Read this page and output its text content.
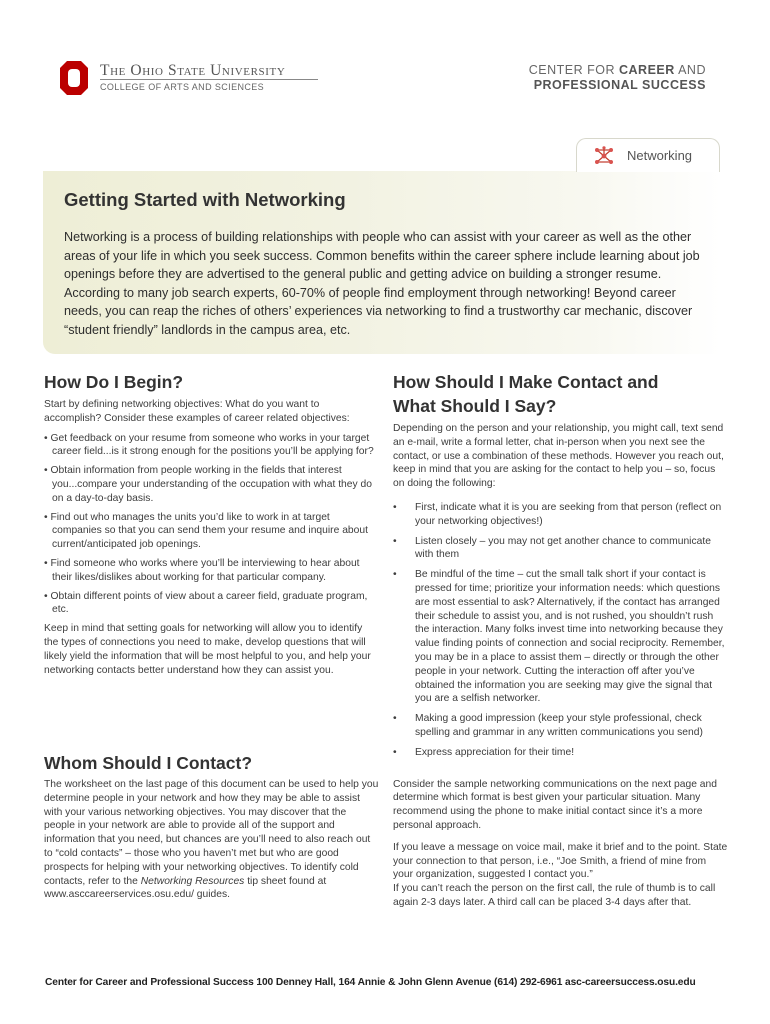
The Ohio State University
COLLEGE OF ARTS AND SCIENCES
CENTER FOR CAREER AND
PROFESSIONAL SUCCESS
Networking
Getting Started with Networking
Networking is a process of building relationships with people who can assist with your career as well as the other areas of your life in which you seek success. Common benefits within the career sphere include learning about job openings before they are advertised to the general public and getting advice on building a stronger resume. According to many job search experts, 60-70% of people find employment through networking! Beyond career needs, you can reap the riches of others’ experiences via networking to find a trustworthy car mechanic, discover “student friendly” landlords in the campus area, etc.
How Do I Begin?

Start by defining networking objectives: What do you want to accomplish? Consider these examples of career related objectives:

• Get feedback on your resume from someone who works in your target career field...is it strong enough for the positions you’ll be applying for?
• Obtain information from people working in the fields that interest you...compare your understanding of the occupation with what they do on a day-to-day basis.
• Find out who manages the units you’d like to work in at target companies so that you can send them your resume and inquire about current/anticipated job openings.
• Find someone who works where you’ll be interviewing to hear about their likes/dislikes about working for that particular company.
• Obtain different points of view about a career field, graduate program, etc.

Keep in mind that setting goals for networking will allow you to identify the types of connections you need to make, develop questions that will likely yield the information that will be most helpful to you, and help your networking contacts better understand how they can assist you.

Whom Should I Contact?

The worksheet on the last page of this document can be used to help you determine people in your network and how they may be able to assist with your various networking objectives. You may discover that the people in your network are able to provide all of the support and information that you need, but chances are you’ll need to also reach out to “cold contacts” – those who you haven’t met but who are good prospects for helping with your networking objectives. To identify cold contacts, refer to the Networking Resources tip sheet found at www.asccareerservices.osu.edu/ guides.

How Should I Make Contact and
What Should I Say?

Depending on the person and your relationship, you might call, text send an e-mail, write a formal letter, chat in-person when you next see the contact, or use a combination of these methods. However you reach out, keep in mind that you are asking for the contact to help you – so, focus on doing the following:

• First, indicate what it is you are seeking from that person (reflect on your networking objectives!)
• Listen closely – you may not get another chance to communicate with them
• Be mindful of the time – cut the small talk short if your contact is pressed for time; prioritize your information needs: which questions are most essential to ask? Alternatively, if the contact has arranged their schedule to assist you, and is not rushed, you shouldn’t rush the interaction. Many folks invest time into networking because they value finding points of connection and social reciprocity. Remember, you may be in a place to assist them – directly or through the other people in your network. Cutting the interaction off after you’ve obtained the information you are seeking may give the signal that you are a selfish networker.
• Making a good impression (keep your style professional, check spelling and grammar in any written communications you send)
• Express appreciation for their time!

Consider the sample networking communications on the next page and determine which format is best given your particular situation. Many recommend using the phone to make initial contact since it’s a more personal approach.

If you leave a message on voice mail, make it brief and to the point. State your connection to that person, i.e., “Joe Smith, a friend of mine from your organization, suggested I contact you.”

If you can’t reach the person on the first call, the rule of thumb is to call again 2-3 days later. A third call can be placed 3-4 days after that.

Center for Career and Professional Success 100 Denney Hall, 164 Annie & John Glenn Avenue (614) 292-6961 asc-careersuccess.osu.edu
